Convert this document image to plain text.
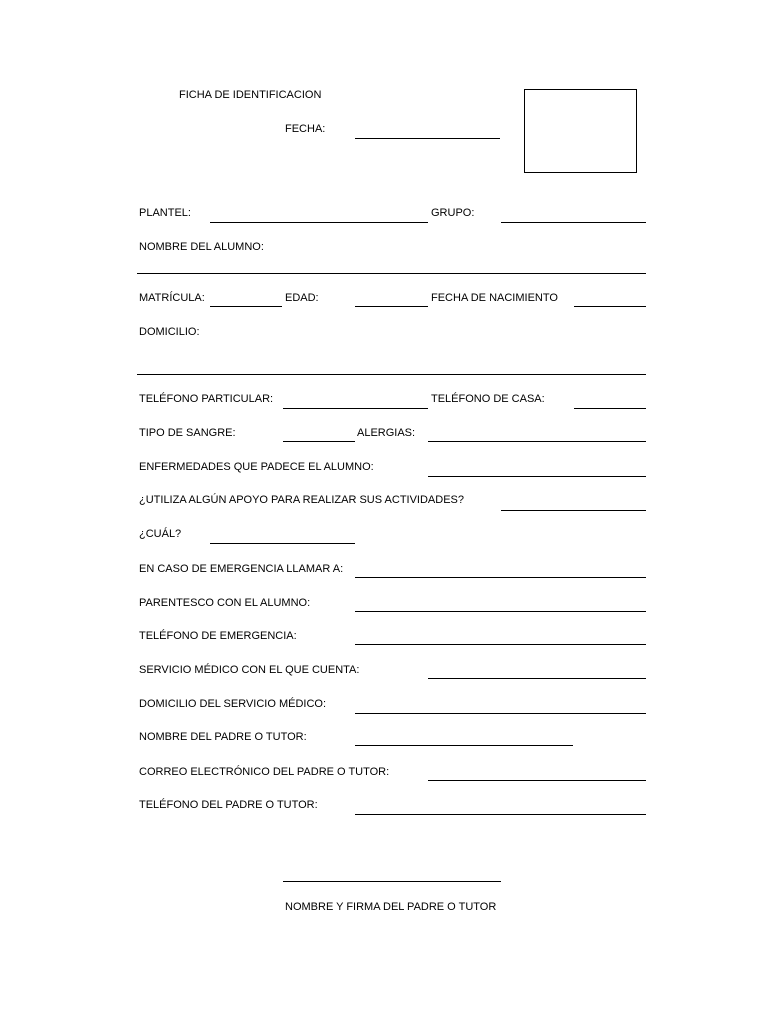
FICHA DE IDENTIFICACION
FECHA:
PLANTEL:	GRUPO:
NOMBRE DEL ALUMNO:
MATRÍCULA:	EDAD:	FECHA DE NACIMIENTO
DOMICILIO:
TELÉFONO PARTICULAR:	TELÉFONO DE CASA:
TIPO DE SANGRE:	ALERGIAS:
ENFERMEDADES QUE PADECE EL ALUMNO:
¿UTILIZA ALGÚN APOYO PARA REALIZAR SUS ACTIVIDADES?
¿CUÁL?
EN CASO DE EMERGENCIA LLAMAR A:
PARENTESCO CON EL ALUMNO:
TELÉFONO DE EMERGENCIA:
SERVICIO MÉDICO CON EL QUE CUENTA:
DOMICILIO DEL SERVICIO MÉDICO:
NOMBRE DEL PADRE O TUTOR:
CORREO ELECTRÓNICO DEL PADRE O TUTOR:
TELÉFONO DEL PADRE O TUTOR:
NOMBRE Y FIRMA DEL PADRE O TUTOR
